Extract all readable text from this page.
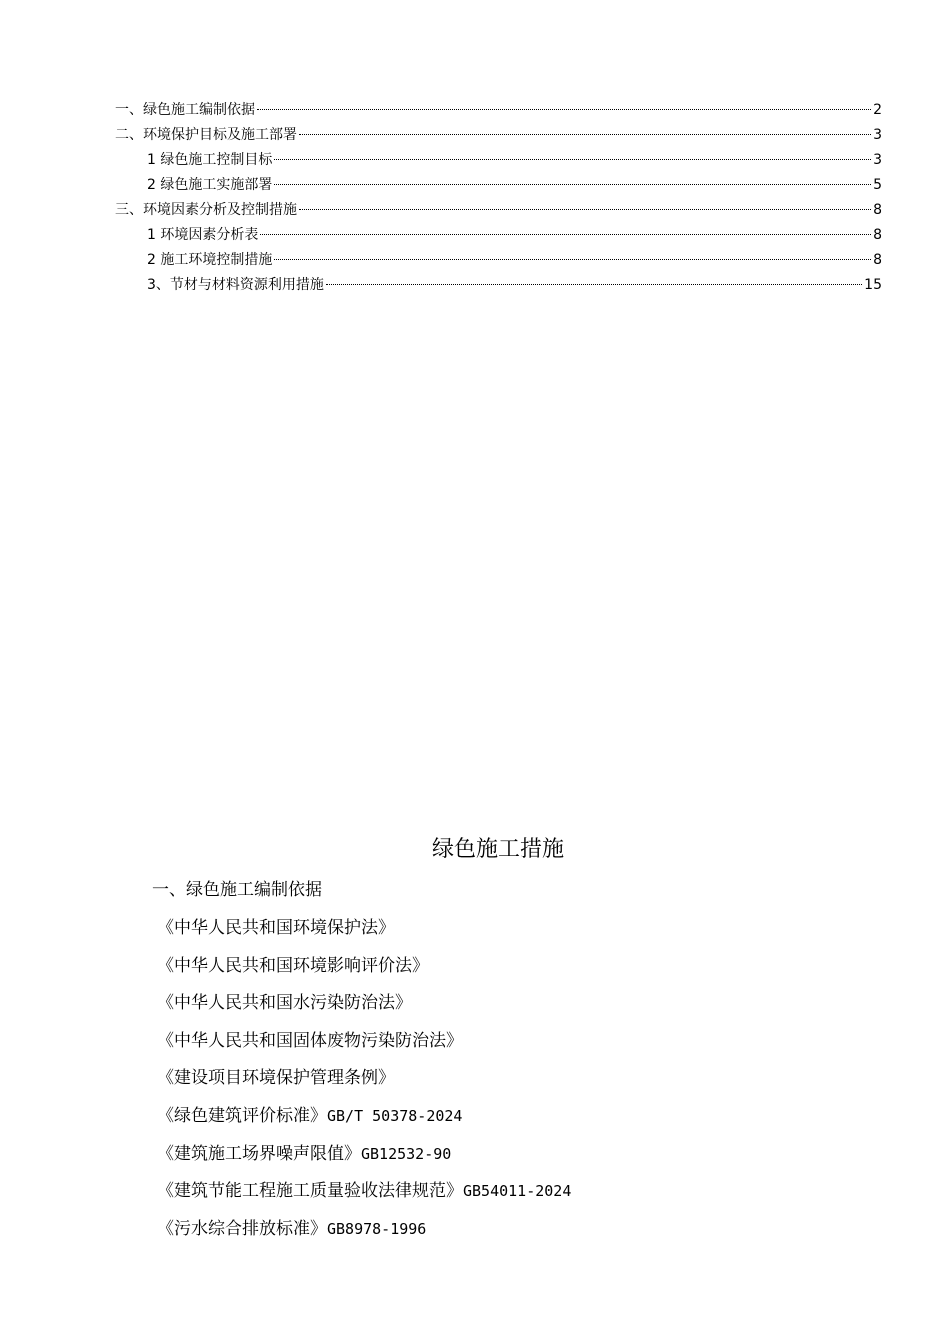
一、绿色施工编制依据	2
二、环境保护目标及施工部署	3
1 绿色施工控制目标	3
2 绿色施工实施部署	5
三、环境因素分析及控制措施	8
1 环境因素分析表	8
2 施工环境控制措施	8
3、节材与材料资源利用措施	15
绿色施工措施
一、绿色施工编制依据
《中华人民共和国环境保护法》
《中华人民共和国环境影响评价法》
《中华人民共和国水污染防治法》
《中华人民共和国固体废物污染防治法》
《建设项目环境保护管理条例》
《绿色建筑评价标准》GB/T 50378-2024
《建筑施工场界噪声限值》GB12532-90
《建筑节能工程施工质量验收法律规范》GB54011-2024
《污水综合排放标准》GB8978-1996
